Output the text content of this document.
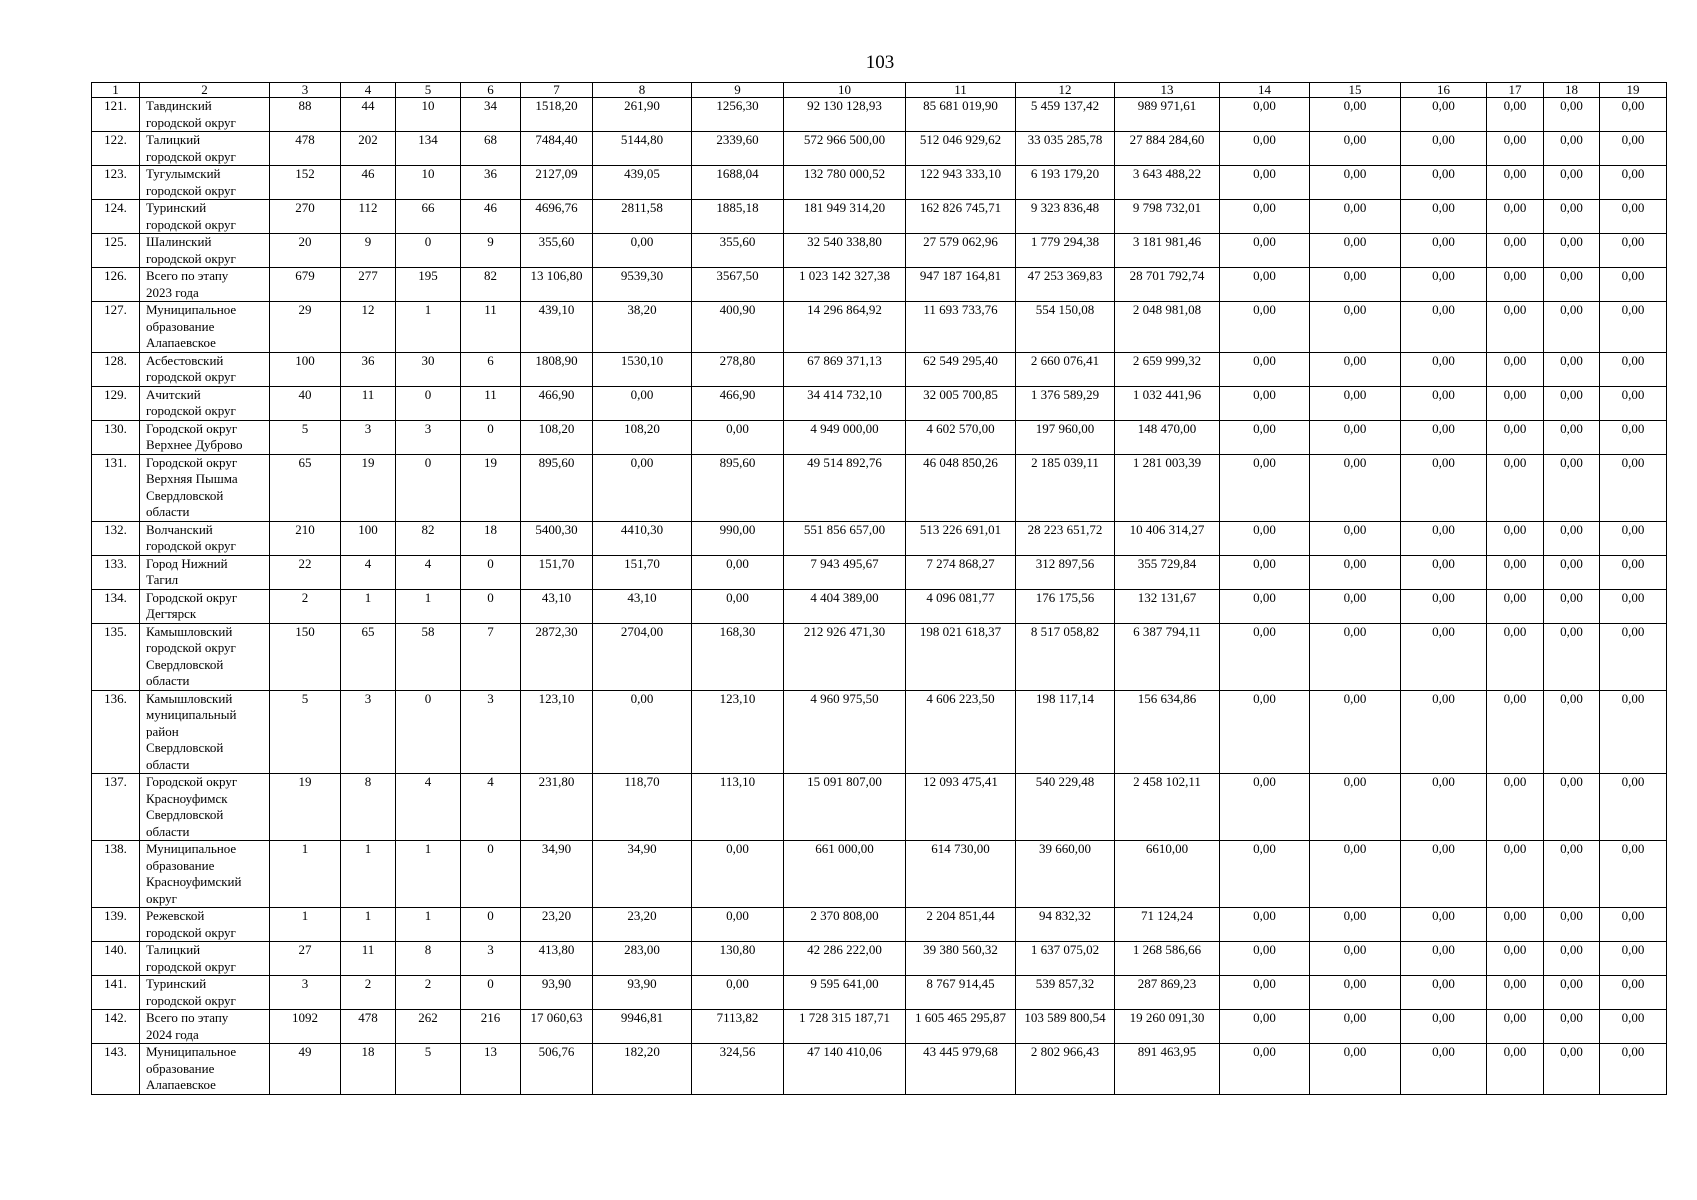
103
1	2	3	4	5	6	7	8	9	10	11	12	13	14	15	16	17	18	19
121.	Тавдинский
городской округ	88	44	10	34	1518,20	261,90	1256,30	92 130 128,93	85 681 019,90	5 459 137,42	989 971,61	0,00	0,00	0,00	0,00	0,00	0,00
122.	Талицкий
городской округ	478	202	134	68	7484,40	5144,80	2339,60	572 966 500,00	512 046 929,62	33 035 285,78	27 884 284,60	0,00	0,00	0,00	0,00	0,00	0,00
123.	Тугулымский
городской округ	152	46	10	36	2127,09	439,05	1688,04	132 780 000,52	122 943 333,10	6 193 179,20	3 643 488,22	0,00	0,00	0,00	0,00	0,00	0,00
124.	Туринский
городской округ	270	112	66	46	4696,76	2811,58	1885,18	181 949 314,20	162 826 745,71	9 323 836,48	9 798 732,01	0,00	0,00	0,00	0,00	0,00	0,00
125.	Шалинский
городской округ	20	9	0	9	355,60	0,00	355,60	32 540 338,80	27 579 062,96	1 779 294,38	3 181 981,46	0,00	0,00	0,00	0,00	0,00	0,00
126.	Всего по этапу
2023 года	679	277	195	82	13 106,80	9539,30	3567,50	1 023 142 327,38	947 187 164,81	47 253 369,83	28 701 792,74	0,00	0,00	0,00	0,00	0,00	0,00
127.	Муниципальное
образование
Алапаевское	29	12	1	11	439,10	38,20	400,90	14 296 864,92	11 693 733,76	554 150,08	2 048 981,08	0,00	0,00	0,00	0,00	0,00	0,00
128.	Асбестовский
городской округ	100	36	30	6	1808,90	1530,10	278,80	67 869 371,13	62 549 295,40	2 660 076,41	2 659 999,32	0,00	0,00	0,00	0,00	0,00	0,00
129.	Ачитский
городской округ	40	11	0	11	466,90	0,00	466,90	34 414 732,10	32 005 700,85	1 376 589,29	1 032 441,96	0,00	0,00	0,00	0,00	0,00	0,00
130.	Городской округ
Верхнее Дуброво	5	3	3	0	108,20	108,20	0,00	4 949 000,00	4 602 570,00	197 960,00	148 470,00	0,00	0,00	0,00	0,00	0,00	0,00
131.	Городской округ
Верхняя Пышма
Свердловской
области	65	19	0	19	895,60	0,00	895,60	49 514 892,76	46 048 850,26	2 185 039,11	1 281 003,39	0,00	0,00	0,00	0,00	0,00	0,00
132.	Волчанский
городской округ	210	100	82	18	5400,30	4410,30	990,00	551 856 657,00	513 226 691,01	28 223 651,72	10 406 314,27	0,00	0,00	0,00	0,00	0,00	0,00
133.	Город Нижний
Тагил	22	4	4	0	151,70	151,70	0,00	7 943 495,67	7 274 868,27	312 897,56	355 729,84	0,00	0,00	0,00	0,00	0,00	0,00
134.	Городской округ
Дегтярск	2	1	1	0	43,10	43,10	0,00	4 404 389,00	4 096 081,77	176 175,56	132 131,67	0,00	0,00	0,00	0,00	0,00	0,00
135.	Камышловский
городской округ
Свердловской
области	150	65	58	7	2872,30	2704,00	168,30	212 926 471,30	198 021 618,37	8 517 058,82	6 387 794,11	0,00	0,00	0,00	0,00	0,00	0,00
136.	Камышловский
муниципальный
район
Свердловской
области	5	3	0	3	123,10	0,00	123,10	4 960 975,50	4 606 223,50	198 117,14	156 634,86	0,00	0,00	0,00	0,00	0,00	0,00
137.	Городской округ
Красноуфимск
Свердловской
области	19	8	4	4	231,80	118,70	113,10	15 091 807,00	12 093 475,41	540 229,48	2 458 102,11	0,00	0,00	0,00	0,00	0,00	0,00
138.	Муниципальное
образование
Красноуфимский
округ	1	1	1	0	34,90	34,90	0,00	661 000,00	614 730,00	39 660,00	6610,00	0,00	0,00	0,00	0,00	0,00	0,00
139.	Режевской
городской округ	1	1	1	0	23,20	23,20	0,00	2 370 808,00	2 204 851,44	94 832,32	71 124,24	0,00	0,00	0,00	0,00	0,00	0,00
140.	Талицкий
городской округ	27	11	8	3	413,80	283,00	130,80	42 286 222,00	39 380 560,32	1 637 075,02	1 268 586,66	0,00	0,00	0,00	0,00	0,00	0,00
141.	Туринский
городской округ	3	2	2	0	93,90	93,90	0,00	9 595 641,00	8 767 914,45	539 857,32	287 869,23	0,00	0,00	0,00	0,00	0,00	0,00
142.	Всего по этапу
2024 года	1092	478	262	216	17 060,63	9946,81	7113,82	1 728 315 187,71	1 605 465 295,87	103 589 800,54	19 260 091,30	0,00	0,00	0,00	0,00	0,00	0,00
143.	Муниципальное
образование
Алапаевское	49	18	5	13	506,76	182,20	324,56	47 140 410,06	43 445 979,68	2 802 966,43	891 463,95	0,00	0,00	0,00	0,00	0,00	0,00
